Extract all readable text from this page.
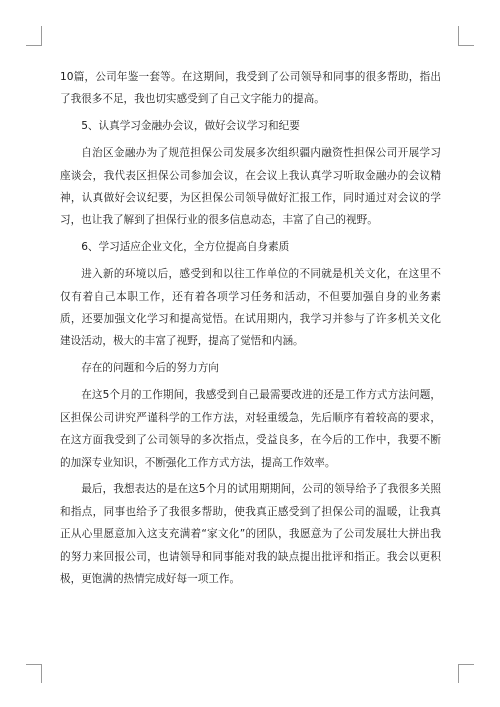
10篇，公司年鉴一套等。在这期间，我受到了公司领导和同事的很多帮助，指出了我很多不足，我也切实感受到了自己文字能力的提高。

5、认真学习金融办会议，做好会议学习和纪要

自治区金融办为了规范担保公司发展多次组织疆内融资性担保公司开展学习座谈会，我代表区担保公司参加会议，在会议上我认真学习听取金融办的会议精神，认真做好会议纪要，为区担保公司领导做好汇报工作，同时通过对会议的学习，也让我了解到了担保行业的很多信息动态，丰富了自己的视野。

6、学习适应企业文化，全方位提高自身素质

进入新的环境以后，感受到和以往工作单位的不同就是机关文化，在这里不仅有着自己本职工作，还有着各项学习任务和活动，不但要加强自身的业务素质，还要加强文化学习和提高觉悟。在试用期内，我学习并参与了许多机关文化建设活动，极大的丰富了视野，提高了觉悟和内涵。

存在的问题和今后的努力方向

在这5个月的工作期间，我感受到自己最需要改进的还是工作方式方法问题，区担保公司讲究严谨科学的工作方法，对轻重缓急，先后顺序有着较高的要求，在这方面我受到了公司领导的多次指点，受益良多，在今后的工作中，我要不断的加深专业知识，不断强化工作方式方法，提高工作效率。

最后，我想表达的是在这5个月的试用期期间，公司的领导给予了我很多关照和指点，同事也给予了我很多帮助，使我真正感受到了担保公司的温暖，让我真正从心里愿意加入这支充满着“家文化”的团队，我愿意为了公司发展壮大拼出我的努力来回报公司，也请领导和同事能对我的缺点提出批评和指正。我会以更积极，更饱满的热情完成好每一项工作。
